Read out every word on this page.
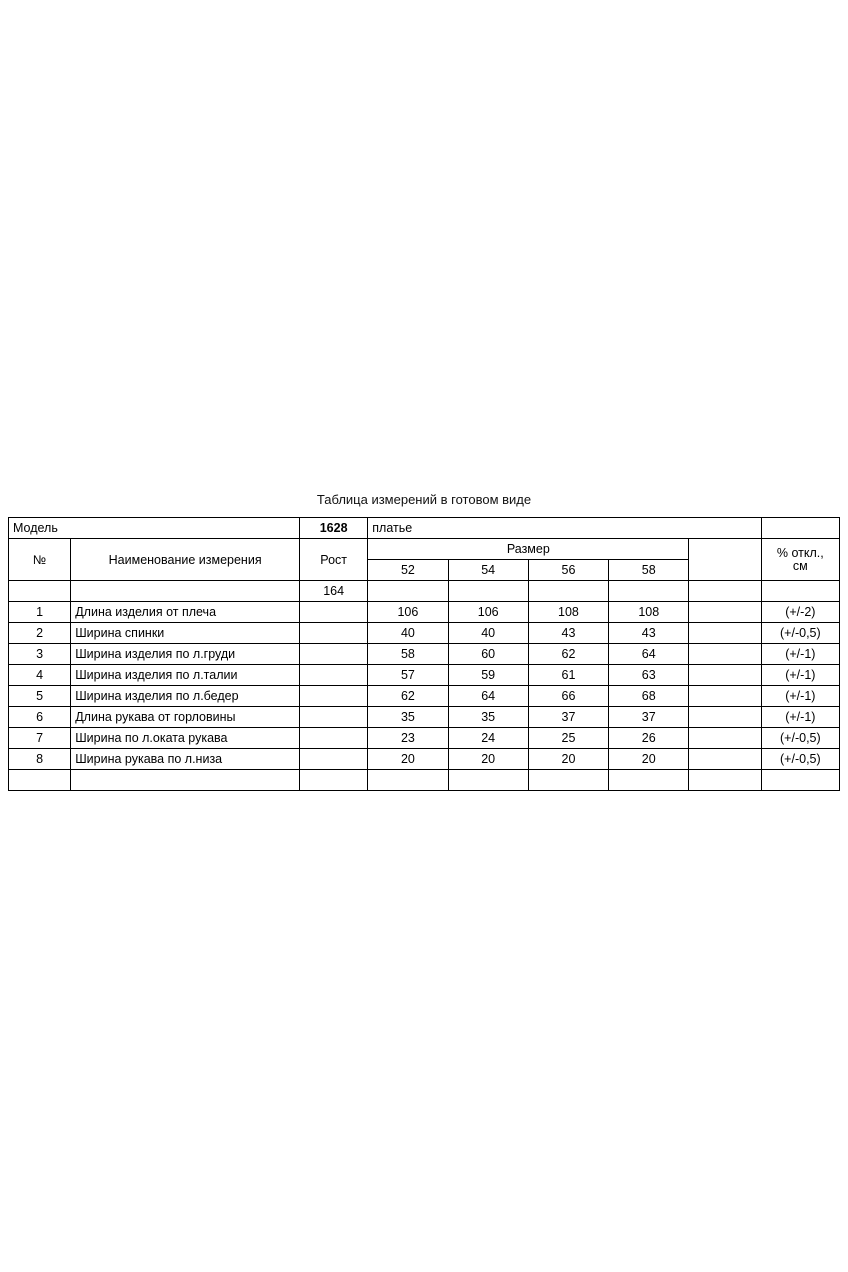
Таблица измерений в готовом виде
Модель		1628	платье					
№	Наименование измерения	Рост	Размер					% откл.,
см
			52	54	56	58		
		164						
1	Длина изделия от плеча		106	106	108	108		(+/-2)
2	Ширина спинки		40	40	43	43		(+/-0,5)
3	Ширина изделия по л.груди		58	60	62	64		(+/-1)
4	Ширина изделия по л.талии		57	59	61	63		(+/-1)
5	Ширина изделия по л.бедер		62	64	66	68		(+/-1)
6	Длина рукава от горловины		35	35	37	37		(+/-1)
7	Ширина по л.оката рукава		23	24	25	26		(+/-0,5)
8	Ширина рукава по л.низа		20	20	20	20		(+/-0,5)
